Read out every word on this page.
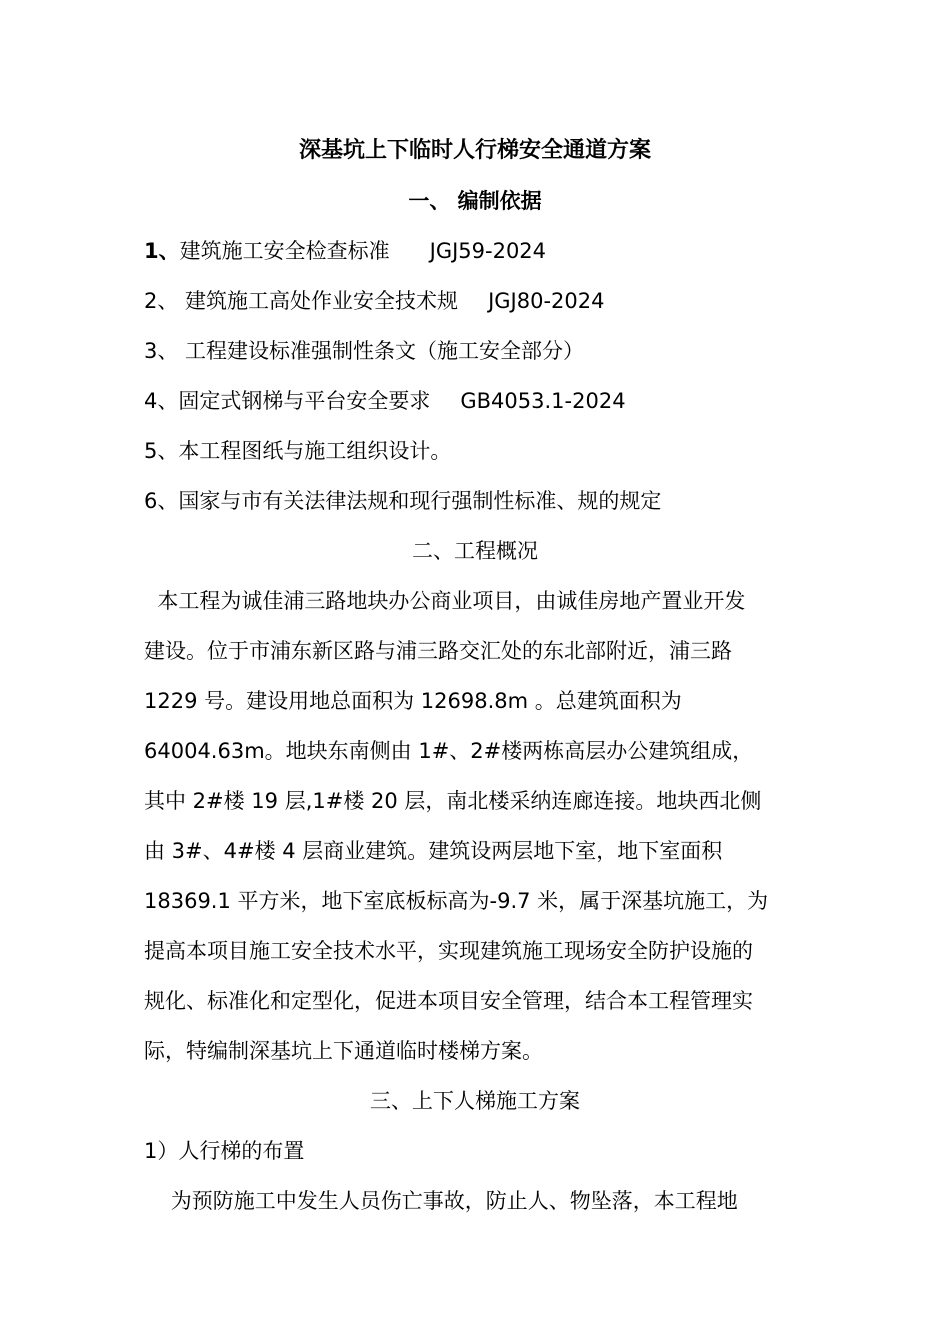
深基坑上下临时人行梯安全通道方案
一、 编制依据
1、建筑施工安全检查标准 JGJ59-2024
2、 建筑施工高处作业安全技术规 JGJ80-2024
3、 工程建设标准强制性条文（施工安全部分）
4、固定式钢梯与平台安全要求 GB4053.1-2024
5、本工程图纸与施工组织设计。
6、国家与市有关法律法规和现行强制性标准、规的规定
二、工程概况
本工程为诚佳浦三路地块办公商业项目，由诚佳房地产置业开发
建设。位于市浦东新区路与浦三路交汇处的东北部附近，浦三路
1229 号。建设用地总面积为 12698.8m 。总建筑面积为
64004.63m。地块东南侧由 1#、2#楼两栋高层办公建筑组成，
其中 2#楼 19 层,1#楼 20 层，南北楼采纳连廊连接。地块西北侧
由 3#、4#楼 4 层商业建筑。建筑设两层地下室，地下室面积
18369.1 平方米，地下室底板标高为-9.7 米，属于深基坑施工，为
提高本项目施工安全技术水平，实现建筑施工现场安全防护设施的
规化、标准化和定型化，促进本项目安全管理，结合本工程管理实
际，特编制深基坑上下通道临时楼梯方案。
三、上下人梯施工方案
1）人行梯的布置
为预防施工中发生人员伤亡事故，防止人、物坠落，本工程地
